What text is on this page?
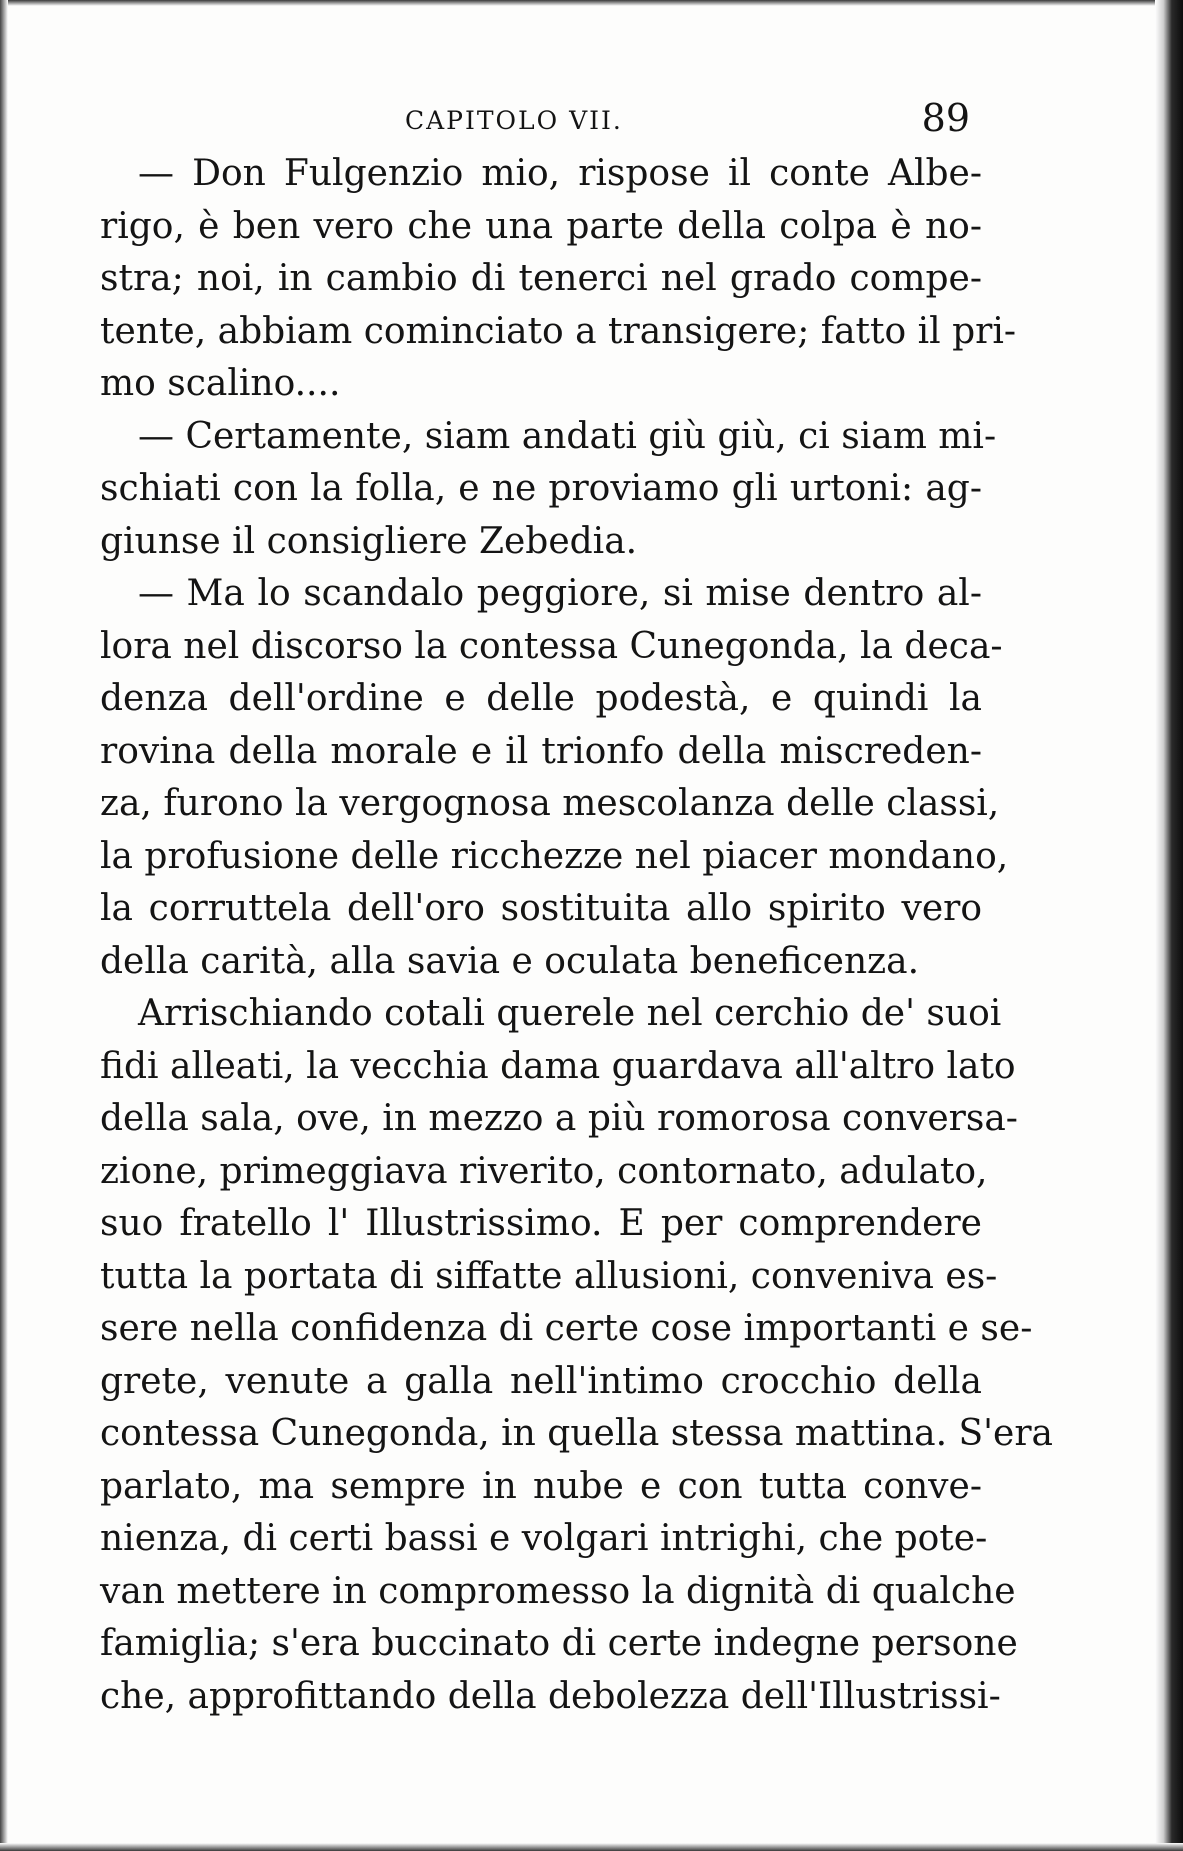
CAPITOLO VII.	89
— Don Fulgenzio mio, rispose il conte Albe-
rigo, è ben vero che una parte della colpa è no-
stra; noi, in cambio di tenerci nel grado compe-
tente, abbiam cominciato a transigere; fatto il pri-
mo scalino....
— Certamente, siam andati giù giù, ci siam mi-
schiati con la folla, e ne proviamo gli urtoni: ag-
giunse il consigliere Zebedia.
— Ma lo scandalo peggiore, si mise dentro al-
lora nel discorso la contessa Cunegonda, la deca-
denza dell'ordine e delle podestà, e quindi la
rovina della morale e il trionfo della miscreden-
za, furono la vergognosa mescolanza delle classi,
la profusione delle ricchezze nel piacer mondano,
la corruttela dell'oro sostituita allo spirito vero
della carità, alla savia e oculata beneficenza.
Arrischiando cotali querele nel cerchio de' suoi
fidi alleati, la vecchia dama guardava all'altro lato
della sala, ove, in mezzo a più romorosa conversa-
zione, primeggiava riverito, contornato, adulato,
suo fratello l' Illustrissimo. E per comprendere
tutta la portata di siffatte allusioni, conveniva es-
sere nella confidenza di certe cose importanti e se-
grete, venute a galla nell'intimo crocchio della
contessa Cunegonda, in quella stessa mattina. S'era
parlato, ma sempre in nube e con tutta conve-
nienza, di certi bassi e volgari intrighi, che pote-
van mettere in compromesso la dignità di qualche
famiglia; s'era buccinato di certe indegne persone
che, approfittando della debolezza dell'Illustrissi-
